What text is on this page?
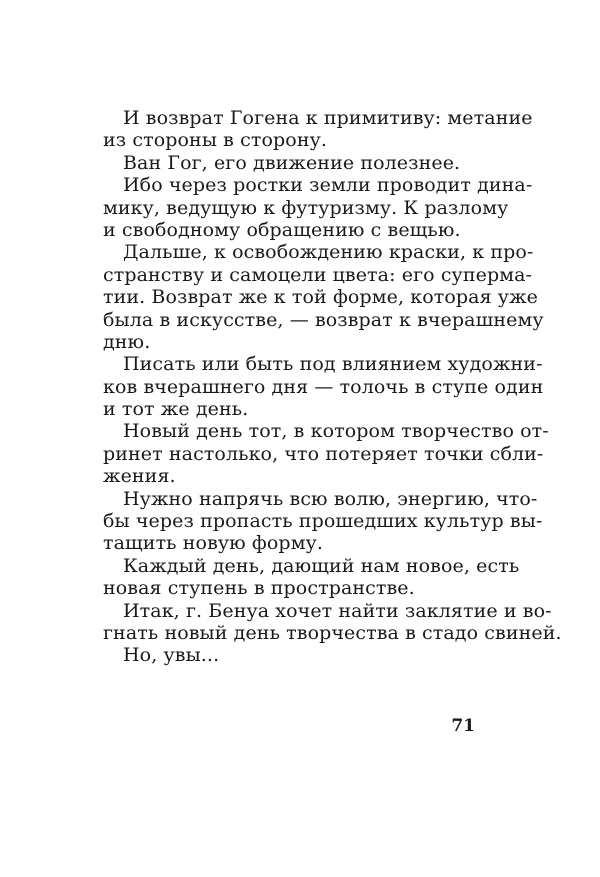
И возврат Гогена к примитиву: метание
из стороны в сторону.
Ван Гог, его движение полезнее.
Ибо через ростки земли проводит дина-
мику, ведущую к футуризму. К разлому
и свободному обращению с вещью.
Дальше, к освобождению краски, к про-
странству и самоцели цвета: его суперма-
тии. Возврат же к той форме, которая уже
была в искусстве, — возврат к вчерашнему
дню.
Писать или быть под влиянием художни-
ков вчерашнего дня — толочь в ступе один
и тот же день.
Новый день тот, в котором творчество от-
ринет настолько, что потеряет точки сбли-
жения.
Нужно напрячь всю волю, энергию, что-
бы через пропасть прошедших культур вы-
тащить новую форму.
Каждый день, дающий нам новое, есть
новая ступень в пространстве.
Итак, г. Бенуа хочет найти заклятие и во-
гнать новый день творчества в стадо свиней.
Но, увы...
71
